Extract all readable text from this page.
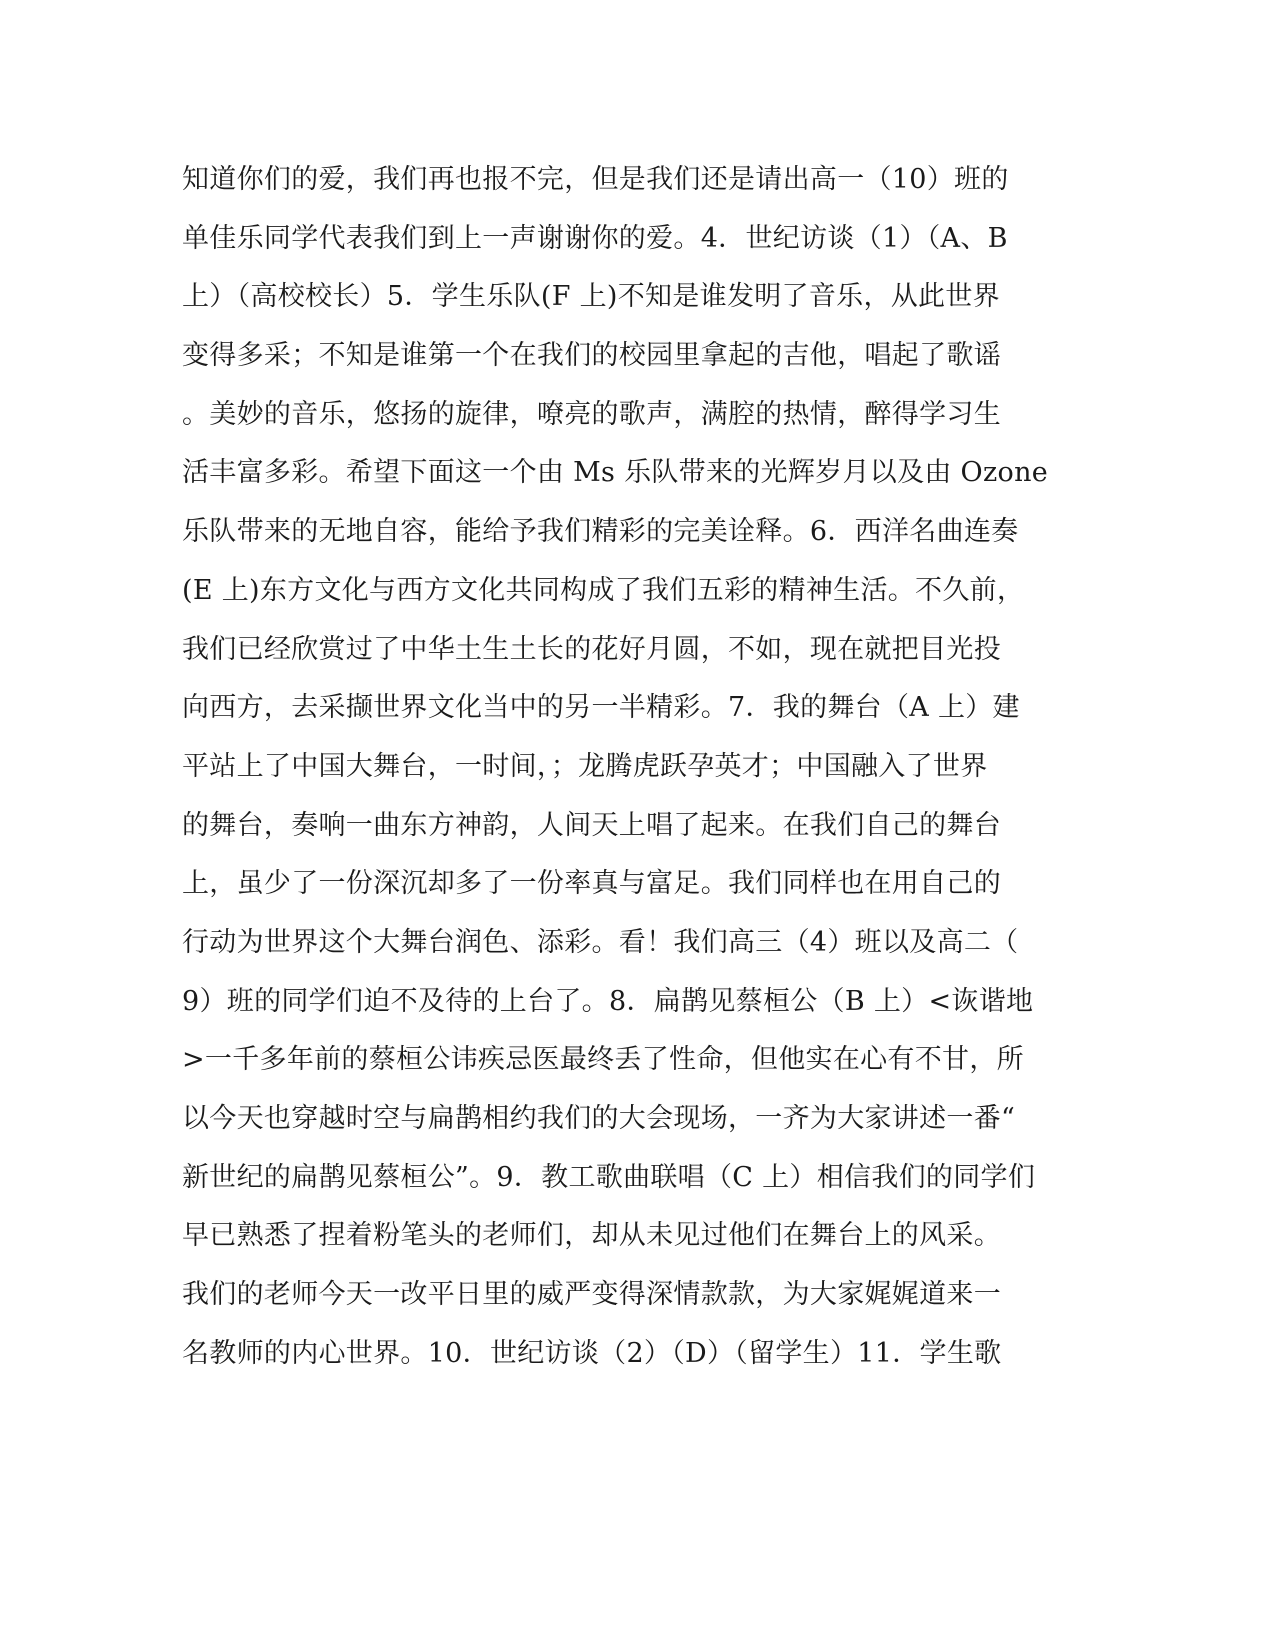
知道你们的爱，我们再也报不完，但是我们还是请出高一（10）班的
单佳乐同学代表我们到上一声谢谢你的爱。4．世纪访谈（1）（A、B
上）（高校校长）5．学生乐队(F 上)不知是谁发明了音乐，从此世界
变得多采；不知是谁第一个在我们的校园里拿起的吉他，唱起了歌谣
。美妙的音乐，悠扬的旋律，嘹亮的歌声，满腔的热情，醉得学习生
活丰富多彩。希望下面这一个由 Ms 乐队带来的光辉岁月以及由 Ozone
乐队带来的无地自容，能给予我们精彩的完美诠释。6．西洋名曲连奏
(E 上)东方文化与西方文化共同构成了我们五彩的精神生活。不久前，
我们已经欣赏过了中华土生土长的花好月圆，不如，现在就把目光投
向西方，去采撷世界文化当中的另一半精彩。7．我的舞台（A 上）建
平站上了中国大舞台，一时间，；龙腾虎跃孕英才；中国融入了世界
的舞台，奏响一曲东方神韵，人间天上唱了起来。在我们自己的舞台
上，虽少了一份深沉却多了一份率真与富足。我们同样也在用自己的
行动为世界这个大舞台润色、添彩。看！我们高三（4）班以及高二（
9）班的同学们迫不及待的上台了。8．扁鹊见蔡桓公（B 上）<诙谐地
>一千多年前的蔡桓公讳疾忌医最终丢了性命，但他实在心有不甘，所
以今天也穿越时空与扁鹊相约我们的大会现场，一齐为大家讲述一番“
新世纪的扁鹊见蔡桓公”。9．教工歌曲联唱（C 上）相信我们的同学们
早已熟悉了捏着粉笔头的老师们，却从未见过他们在舞台上的风采。
我们的老师今天一改平日里的威严变得深情款款，为大家娓娓道来一
名教师的内心世界。10．世纪访谈（2）（D）（留学生）11．学生歌
